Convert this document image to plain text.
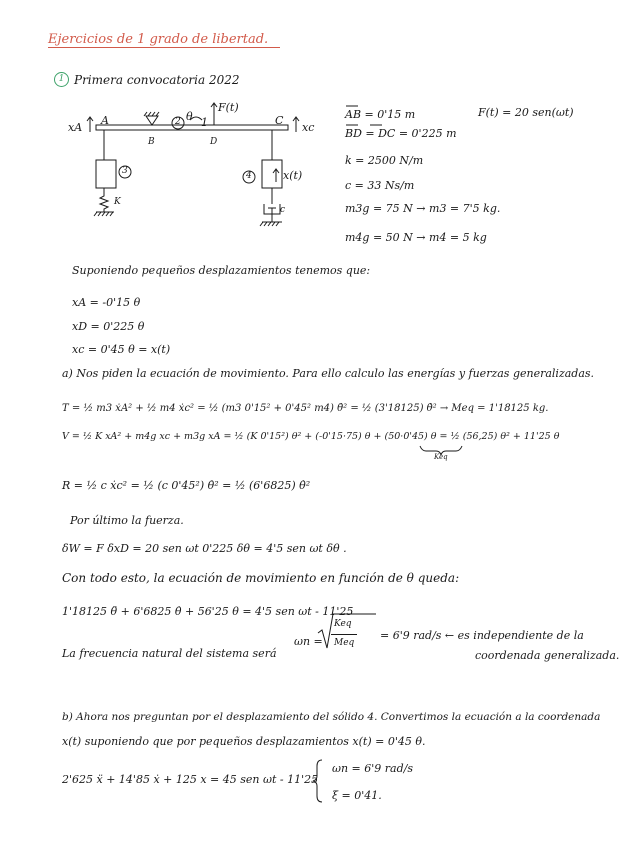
Ejercicios de 1 grado de libertad.
1 Primera convocatoria 2022
xA
A
B	D
C
xc
F(t)
θ 1
2
3	4	x(t)
K
c
AB = 0'15 m
BD = DC = 0'225 m
k = 2500 N/m
c = 33 Ns/m
m3g = 75 N → m3 = 7'5 kg.
m4g = 50 N → m4 = 5 kg
F(t) = 20 sen(ωt)
Suponiendo pequeños desplazamientos tenemos que:
xA = -0'15 θ
xD = 0'225 θ
xc = 0'45 θ = x(t)
a) Nos piden la ecuación de movimiento. Para ello calculo las energías y fuerzas generalizadas.
T = ½ m3 ẋA² + ½ m4 ẋc² = ½ (m3 0'15² + 0'45² m4) θ̇² = ½ (3'18125) θ̇² → Meq = 1'18125 kg.
V = ½ K xA² + m4g xc + m3g xA = ½ (K 0'15²) θ² + (-0'15·75) θ + (50·0'45) θ = ½ (56,25) θ² + 11'25 θ
Keq
R = ½ c ẋc² = ½ (c 0'45²) θ̇² = ½ (6'6825) θ̇²
Por último la fuerza.
δW = F δxD = 20 sen ωt 0'225 δθ = 4'5 sen ωt δθ .
Con todo esto, la ecuación de movimiento en función de θ queda:
1'18125 θ̈ + 6'6825 θ̇ + 56'25 θ = 4'5 sen ωt - 11'25
La frecuencia natural del sistema será
ωn =
Keq
Meq
= 6'9 rad/s ← es independiente de la
coordenada generalizada.
b) Ahora nos preguntan por el desplazamiento del sólido 4. Convertimos la ecuación a la coordenada
x(t) suponiendo que por pequeños desplazamientos x(t) = 0'45 θ.
2'625 ẍ + 14'85 ẋ + 125 x = 45 sen ωt - 11'25
ωn = 6'9 rad/s
ξ = 0'41.
